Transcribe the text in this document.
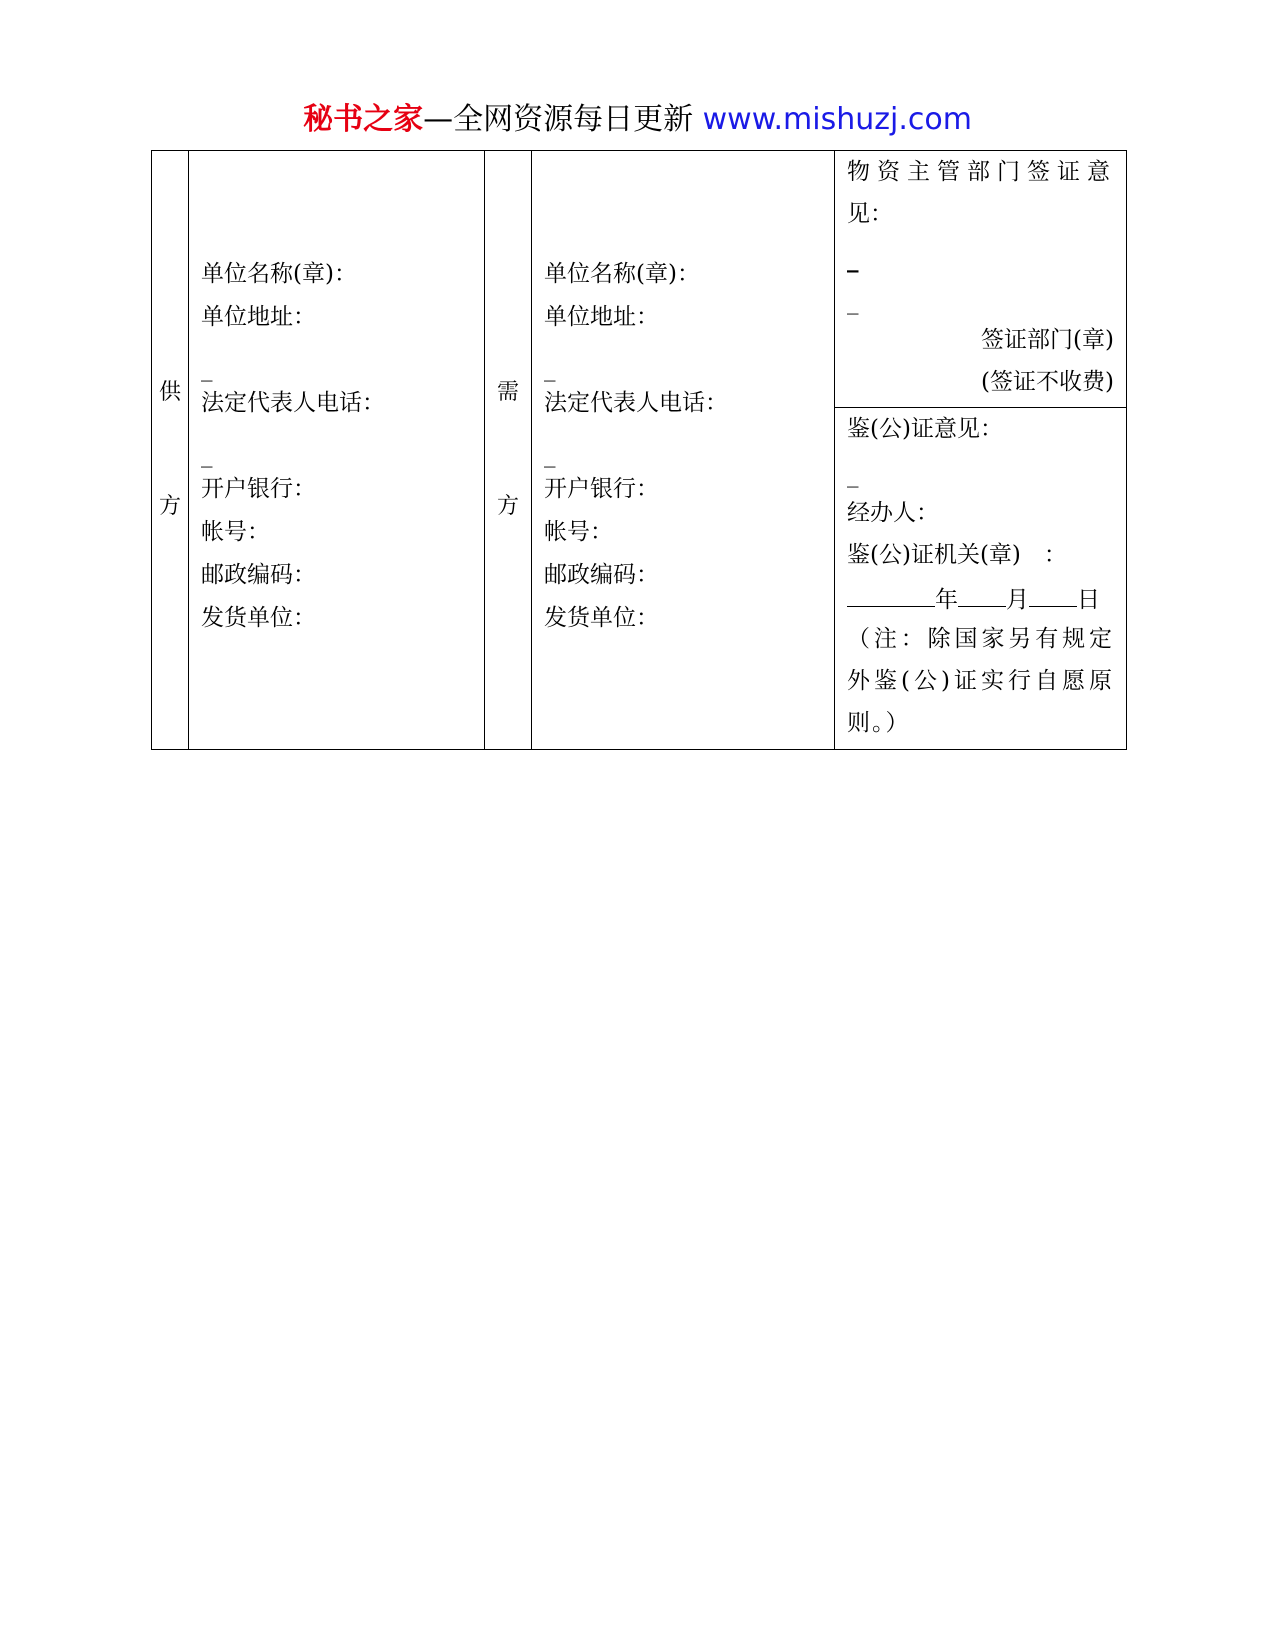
秘书之家—全网资源每日更新 www.mishuzj.com
供
方

单位名称(章)：
单位地址：
_
法定代表人电话：
_
开户银行：
帐号：
邮政编码：
发货单位：

需
方

单位名称(章)：
单位地址：
_
法定代表人电话：
_
开户银行：
帐号：
邮政编码：
发货单位：

物资主管部门签证意
见：
_
_
签证部门(章)
(签证不收费)

鉴(公)证意见：
_
经办人：
鉴(公)证机关(章)　：
年 月 日
（注：除国家另有规定
外鉴(公)证实行自愿原
则。）
